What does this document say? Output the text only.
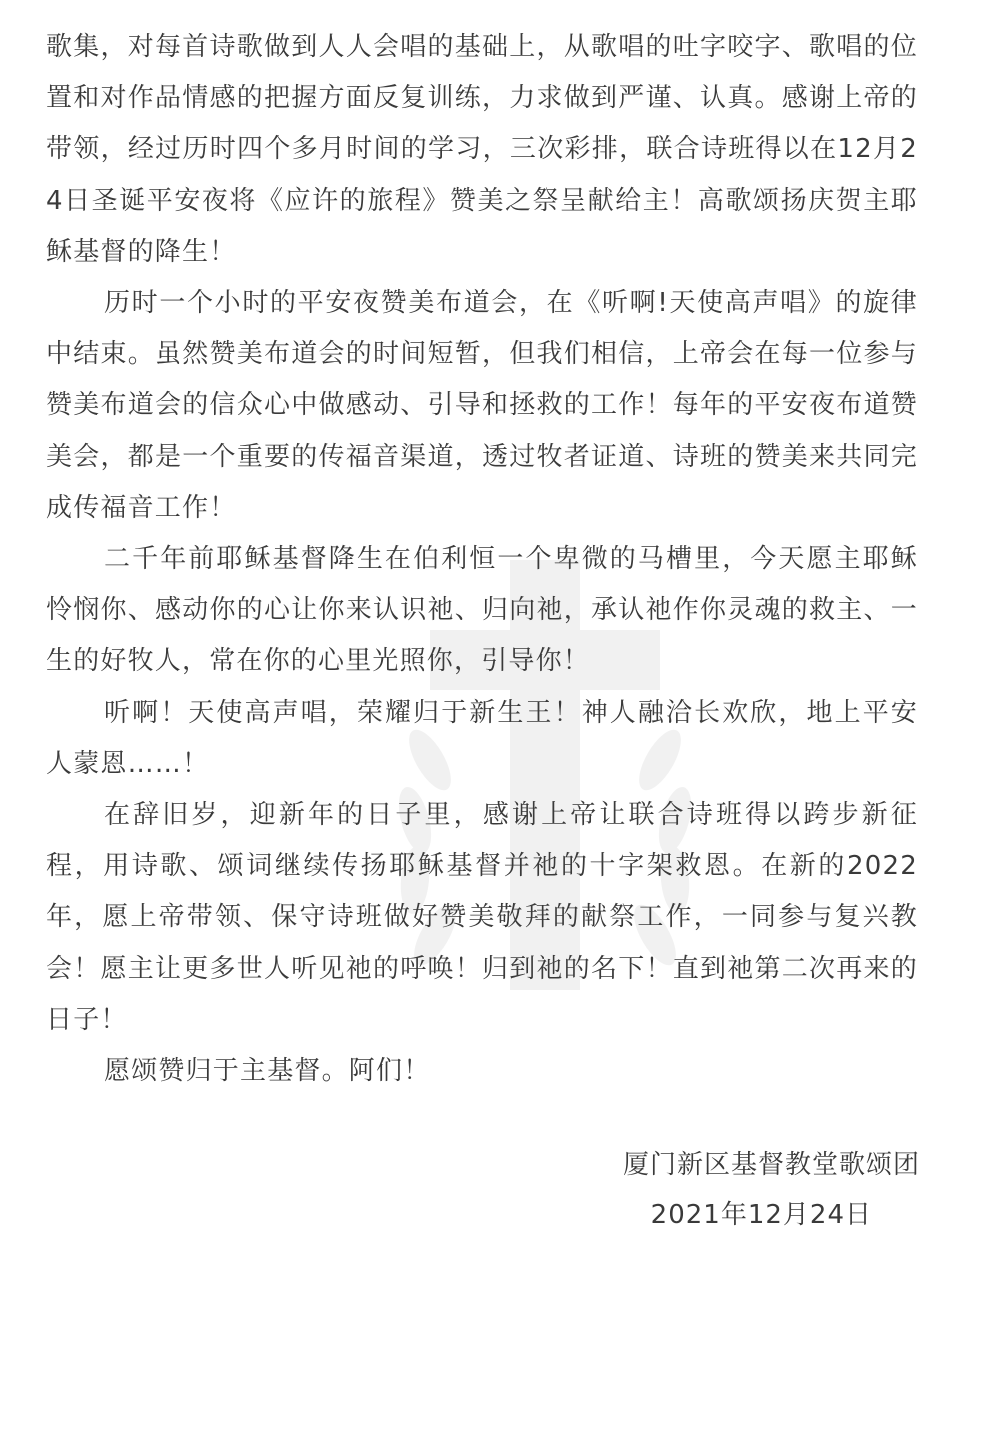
歌集，对每首诗歌做到人人会唱的基础上，从歌唱的吐字咬字、歌唱的位置和对作品情感的把握方面反复训练，力求做到严谨、认真。感谢上帝的带领，经过历时四个多月时间的学习，三次彩排，联合诗班得以在12月24日圣诞平安夜将《应许的旅程》赞美之祭呈献给主！高歌颂扬庆贺主耶稣基督的降生！

历时一个小时的平安夜赞美布道会，在《听啊!天使高声唱》的旋律中结束。虽然赞美布道会的时间短暂，但我们相信，上帝会在每一位参与赞美布道会的信众心中做感动、引导和拯救的工作！每年的平安夜布道赞美会，都是一个重要的传福音渠道，透过牧者证道、诗班的赞美来共同完成传福音工作！

二千年前耶稣基督降生在伯利恒一个卑微的马槽里，今天愿主耶稣怜悯你、感动你的心让你来认识祂、归向祂，承认祂作你灵魂的救主、一生的好牧人，常在你的心里光照你，引导你！

听啊！天使高声唱，荣耀归于新生王！神人融洽长欢欣，地上平安人蒙恩……！

在辞旧岁，迎新年的日子里，感谢上帝让联合诗班得以跨步新征程，用诗歌、颂词继续传扬耶稣基督并祂的十字架救恩。在新的2022年，愿上帝带领、保守诗班做好赞美敬拜的献祭工作，一同参与复兴教会！愿主让更多世人听见祂的呼唤！归到祂的名下！直到祂第二次再来的日子！

愿颂赞归于主基督。阿们！

厦门新区基督教堂歌颂团
2021年12月24日
